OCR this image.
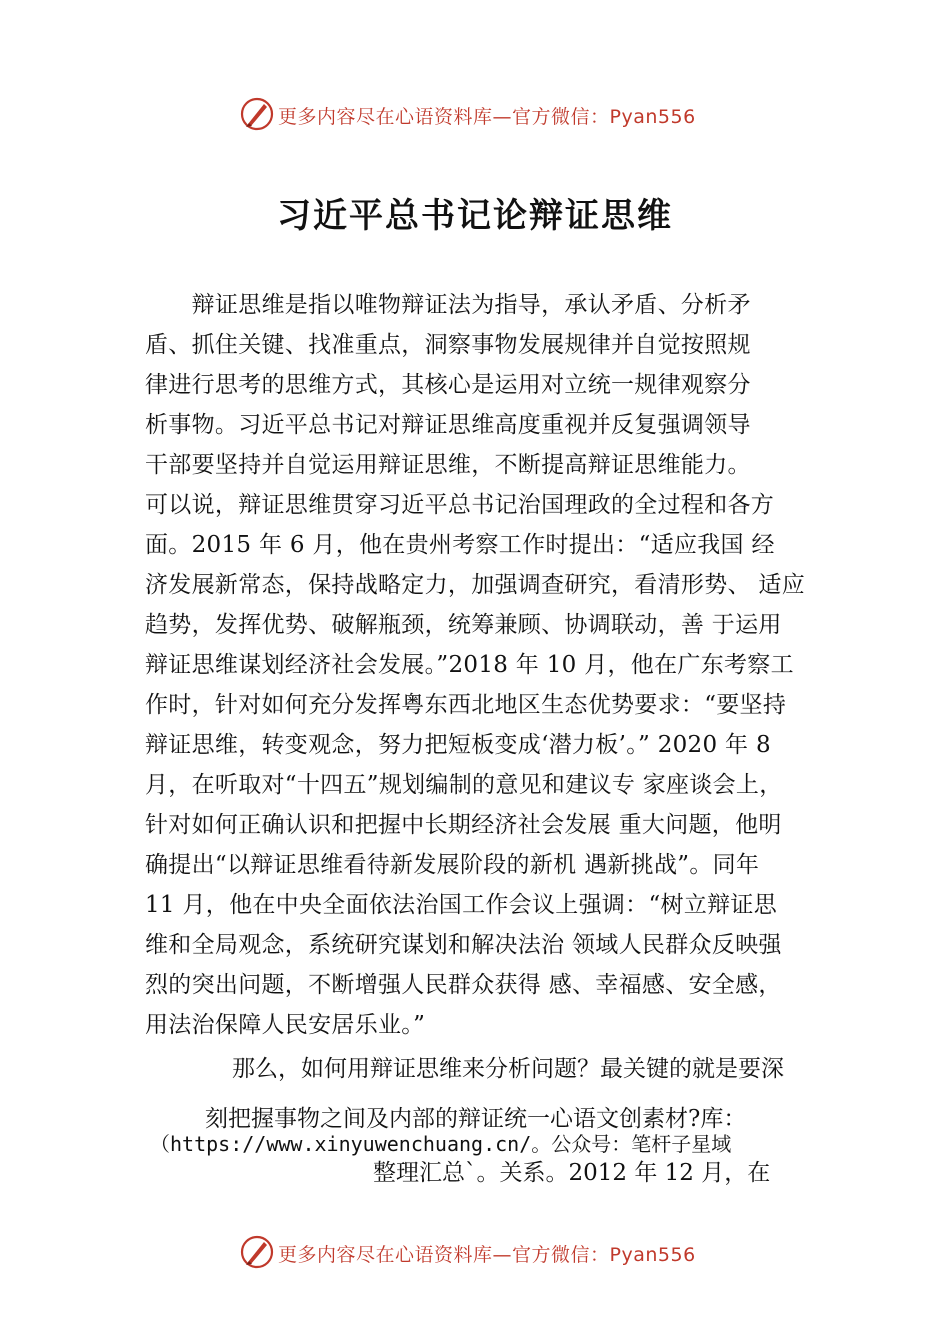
更多内容尽在心语资料库—官方微信：Pyan556
习近平总书记论辩证思维
　　辩证思维是指以唯物辩证法为指导，承认矛盾、分析矛
盾、抓住关键、找准重点，洞察事物发展规律并自觉按照规
律进行思考的思维方式，其核心是运用对立统一规律观察分
析事物。习近平总书记对辩证思维高度重视并反复强调领导
干部要坚持并自觉运用辩证思维，不断提高辩证思维能力。
可以说，辩证思维贯穿习近平总书记治国理政的全过程和各方
面。2015 年 6 月，他在贵州考察工作时提出：“适应我国 经
济发展新常态，保持战略定力，加强调查研究，看清形势、 适应
趋势，发挥优势、破解瓶颈，统筹兼顾、协调联动，善 于运用
辩证思维谋划经济社会发展。”2018 年 10 月，他在广东考察工
作时，针对如何充分发挥粤东西北地区生态优势要求：“要坚持
辩证思维，转变观念，努力把短板变成‘潜力板’。” 2020 年 8
月，在听取对“十四五”规划编制的意见和建议专 家座谈会上，
针对如何正确认识和把握中长期经济社会发展 重大问题，他明
确提出“以辩证思维看待新发展阶段的新机 遇新挑战”。同年
11 月，他在中央全面依法治国工作会议上强调：“树立辩证思
维和全局观念，系统研究谋划和解决法治 领域人民群众反映强
烈的突出问题，不断增强人民群众获得 感、幸福感、安全感，
用法治保障人民安居乐业。”
那么，如何用辩证思维来分析问题？最关键的就是要深
刻把握事物之间及内部的辩证统一心语文创素材?库：
（https://www.xinyuwenchuang.cn/。公众号：笔杆子星域
整理汇总`。关系。2012 年 12 月，在
更多内容尽在心语资料库—官方微信：Pyan556
